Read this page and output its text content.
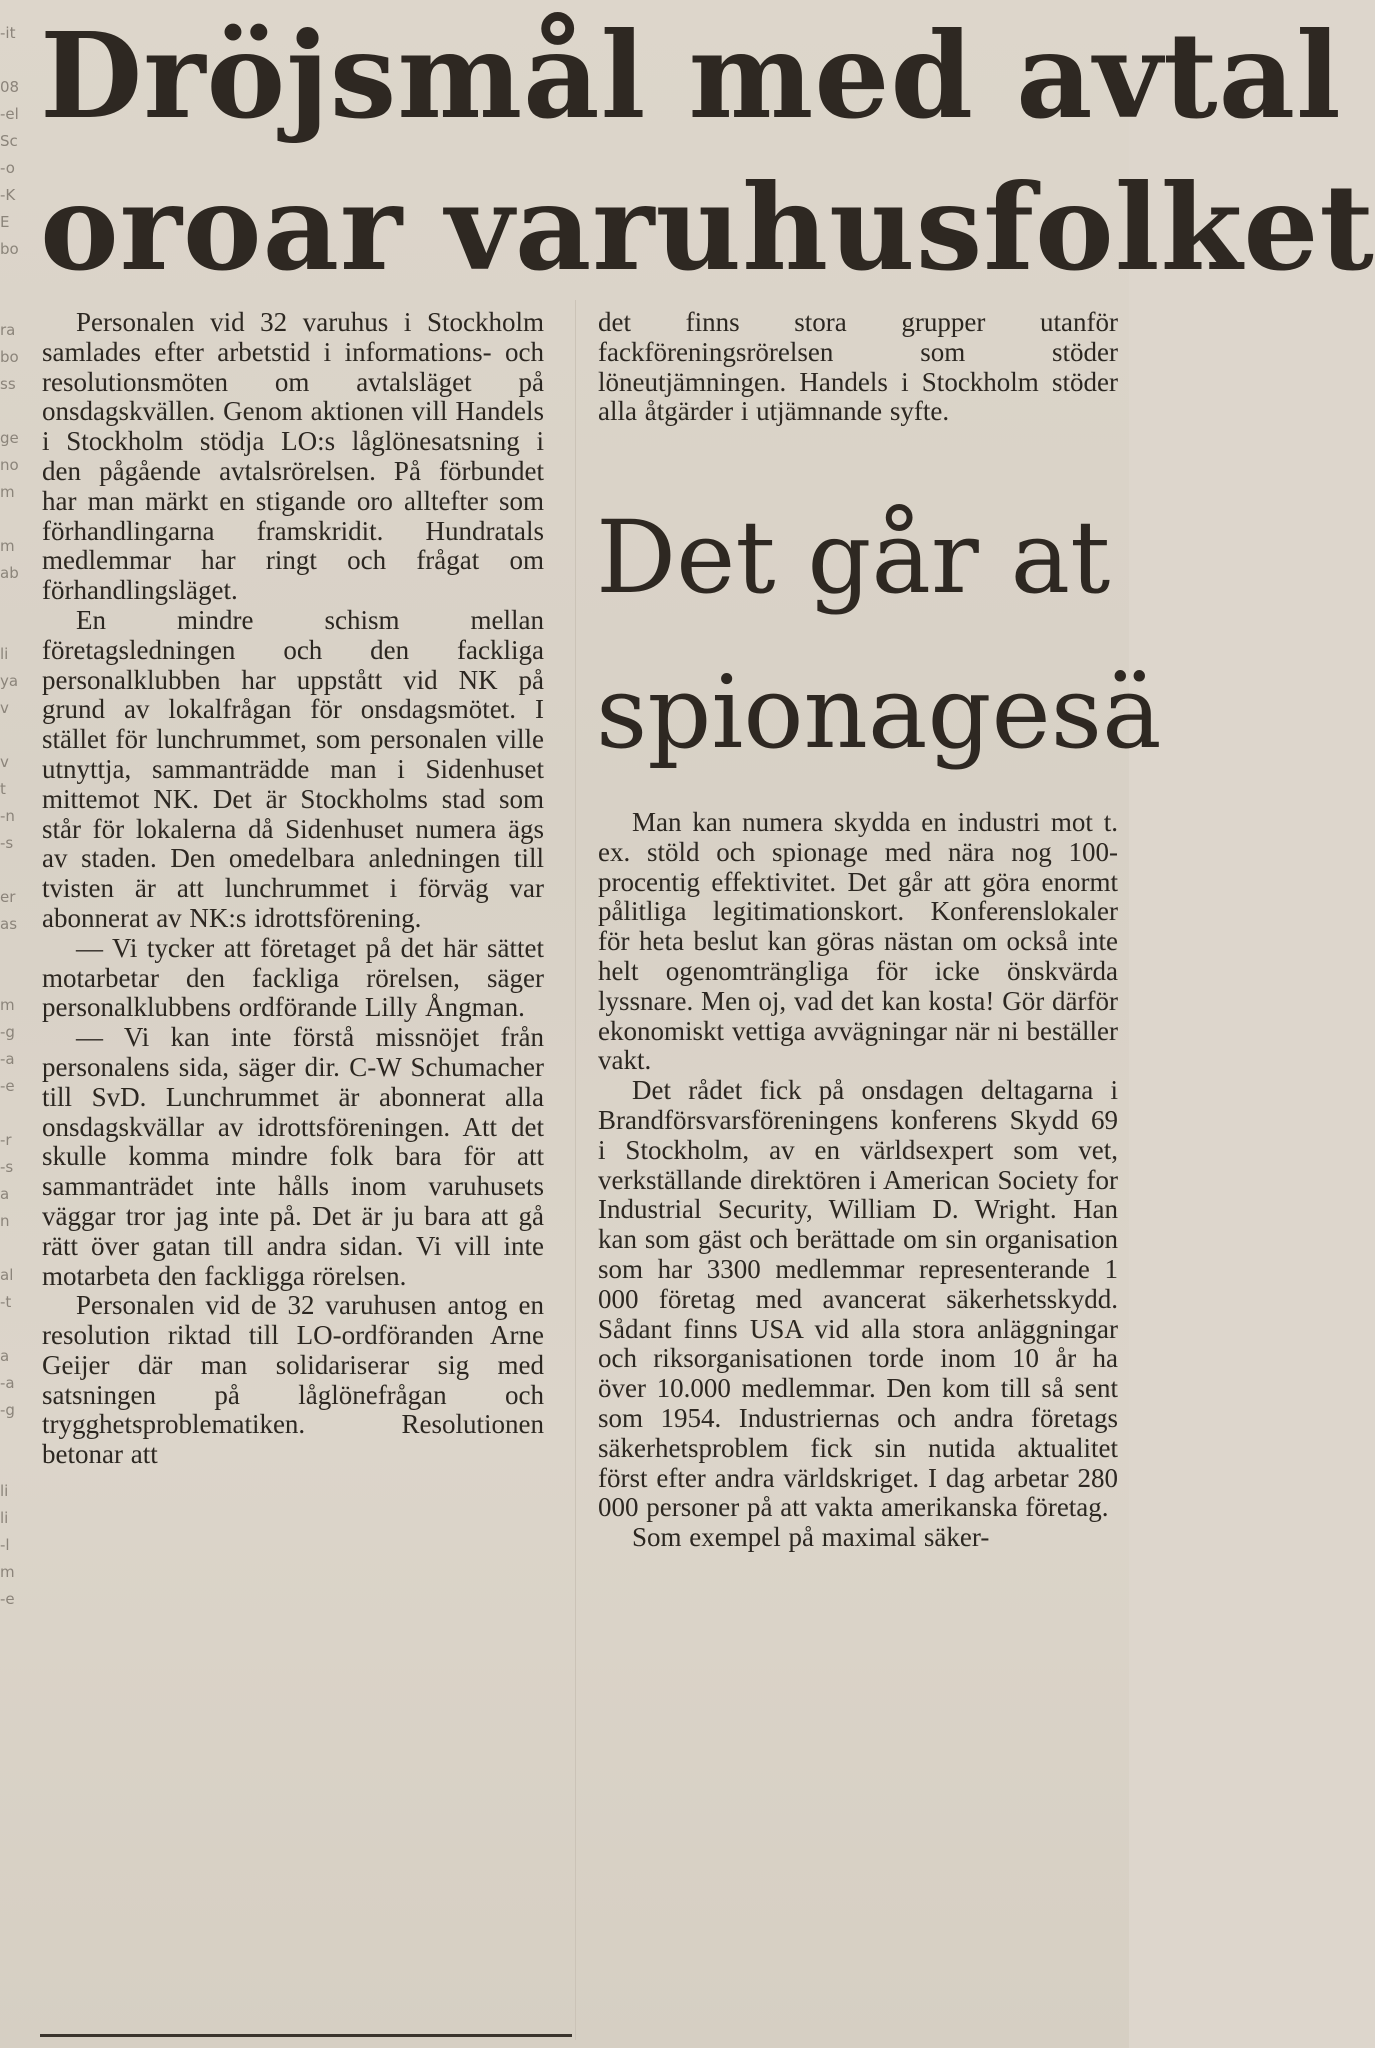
-it
08
-el
Sc
-o
-K
E
bo
ra
bo
ss
ge
no
m
m
ab
li
ya
v
v
t
-n
-s
er
as
m
-g
-a
-e
-r
-s
a
n
al
-t
a
-a
-g
li
li
-l
m
-e
Dröjsmål med avtal
oroar varuhusfolket

Personalen vid 32 varuhus i Stockholm samlades efter arbetstid i informations- och resolutionsmöten om avtalsläget på onsdagskvällen. Genom aktionen vill Handels i Stockholm stödja LO:s låglönesatsning i den pågående avtalsrörelsen. På förbundet har man märkt en stigande oro alltefter som förhandlingarna framskridit. Hundratals medlemmar har ringt och frågat om förhandlingsläget.

En mindre schism mellan företagsledningen och den fackliga personalklubben har uppstått vid NK på grund av lokalfrågan för onsdagsmötet. I stället för lunchrummet, som personalen ville utnyttja, sammanträdde man i Sidenhuset mittemot NK. Det är Stockholms stad som står för lokalerna då Sidenhuset numera ägs av staden. Den omedelbara anledningen till tvisten är att lunchrummet i förväg var abonnerat av NK:s idrottsförening.

— Vi tycker att företaget på det här sättet motarbetar den fackliga rörelsen, säger personalklubbens ordförande Lilly Ångman.

— Vi kan inte förstå missnöjet från personalens sida, säger dir. C-W Schumacher till SvD. Lunchrummet är abonnerat alla onsdagskvällar av idrottsföreningen. Att det skulle komma mindre folk bara för att sammanträdet inte hålls inom varuhusets väggar tror jag inte på. Det är ju bara att gå rätt över gatan till andra sidan. Vi vill inte motarbeta den fackligga rörelsen.

Personalen vid de 32 varuhusen antog en resolution riktad till LO-ordföranden Arne Geijer där man solidariserar sig med satsningen på låglönefrågan och trygghetsproblematiken. Resolutionen betonar att

det finns stora grupper utanför fackföreningsrörelsen som stöder löneutjämningen. Handels i Stockholm stöder alla åtgärder i utjämnande syfte.

Det går at
spionagesä

Man kan numera skydda en industri mot t. ex. stöld och spionage med nära nog 100-procentig effektivitet. Det går att göra enormt pålitliga legitimationskort. Konferenslokaler för heta beslut kan göras nästan om också inte helt ogenomträngliga för icke önskvärda lyssnare. Men oj, vad det kan kosta! Gör därför ekonomiskt vettiga avvägningar när ni beställer vakt.

Det rådet fick på onsdagen deltagarna i Brandförsvarsföreningens konferens Skydd 69 i Stockholm, av en världsexpert som vet, verkställande direktören i American Society for Industrial Security, William D. Wright. Han kan som gäst och berättade om sin organisation som har 3300 medlemmar representerande 1 000 företag med avancerat säkerhetsskydd. Sådant finns USA vid alla stora anläggningar och riksorganisationen torde inom 10 år ha över 10.000 medlemmar. Den kom till så sent som 1954. Industriernas och andra företags säkerhetsproblem fick sin nutida aktualitet först efter andra världskriget. I dag arbetar 280 000 personer på att vakta amerikanska företag.

Som exempel på maximal säker-
